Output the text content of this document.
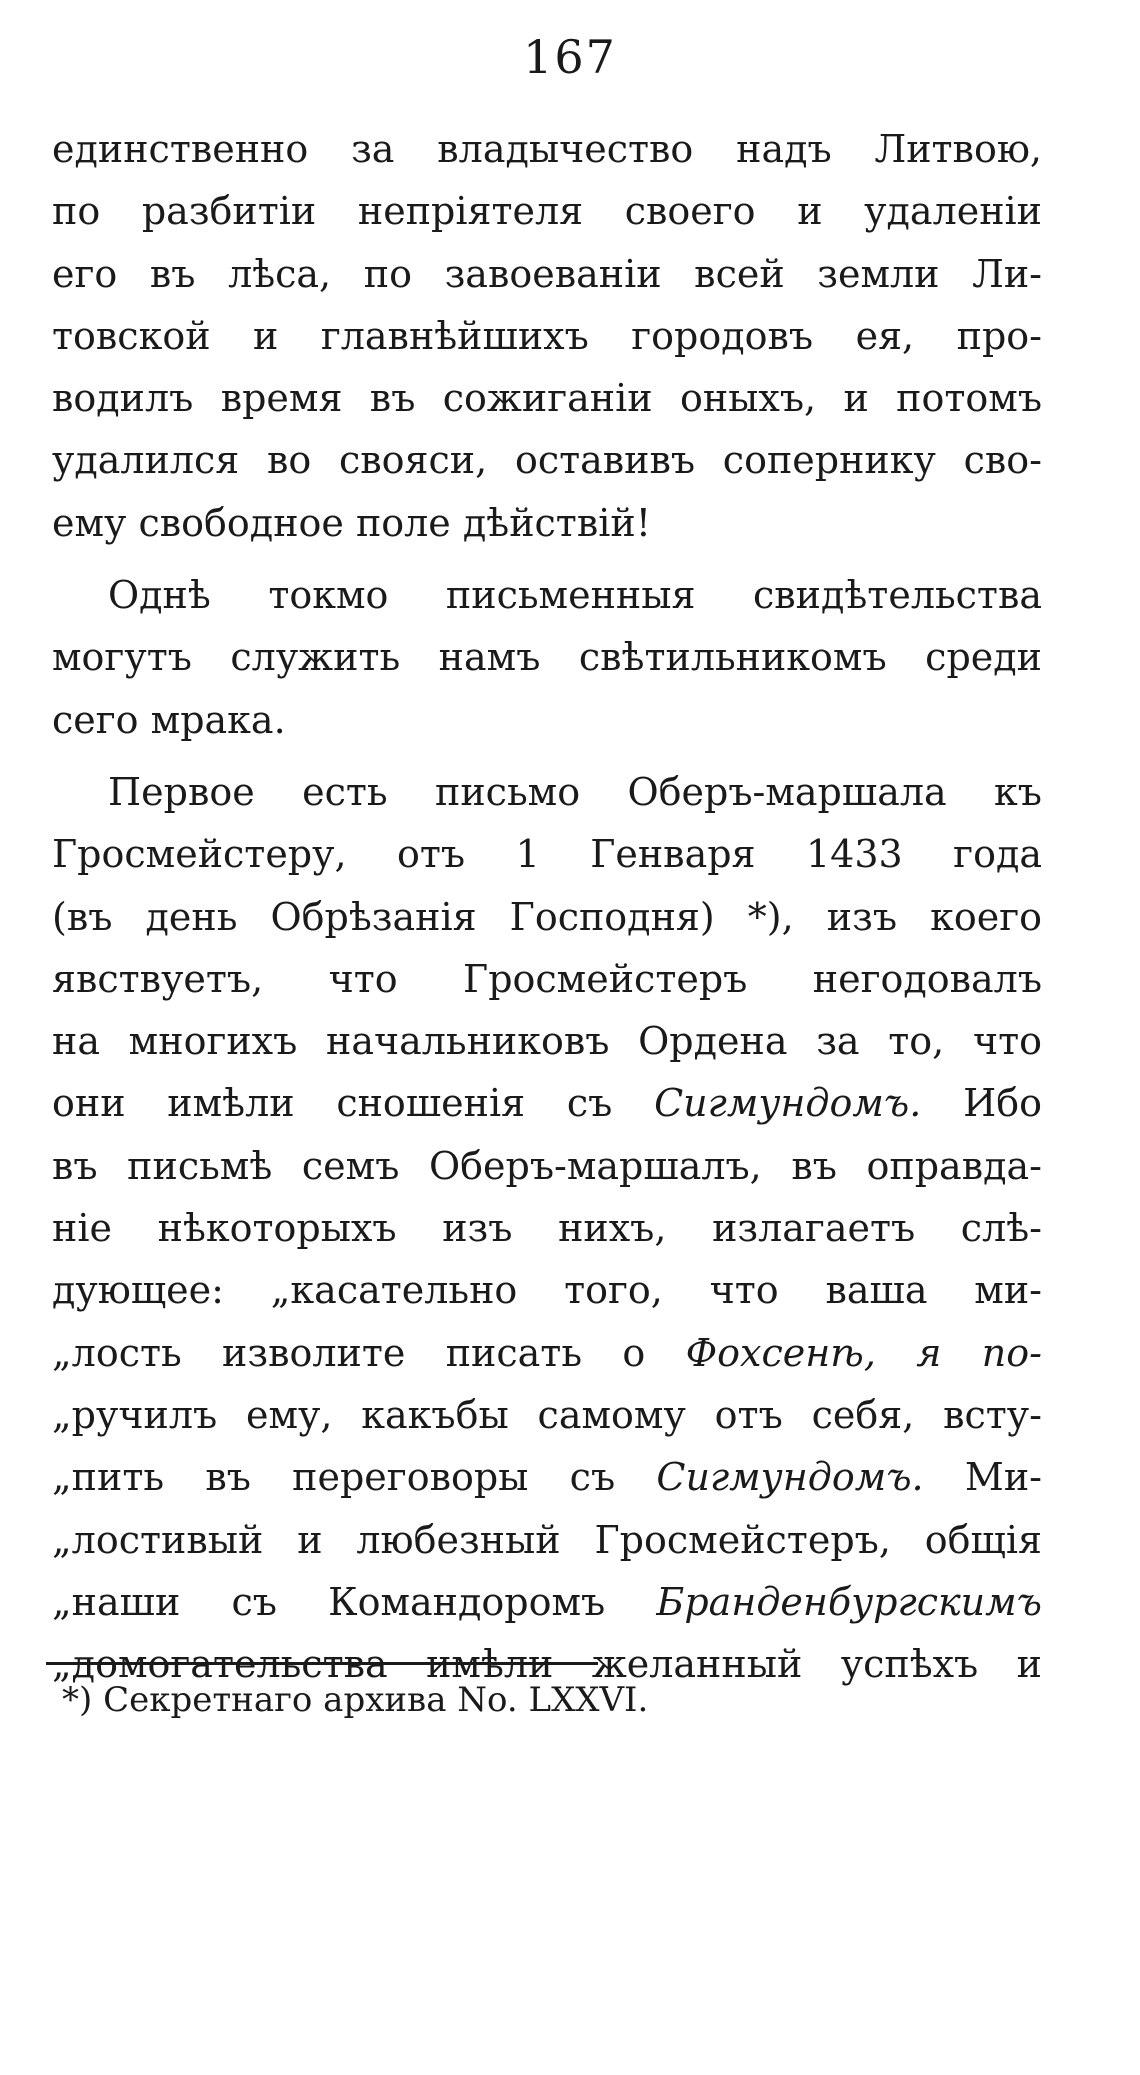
167

единственно за владычество надъ Литвою,
по разбитіи непріятеля своего и удаленіи
его въ лѣса, по завоеваніи всей земли Ли-
товской и главнѣйшихъ городовъ ея, про-
водилъ время въ сожиганіи оныхъ, и потомъ
удалился во свояси, оставивъ сопернику сво-
ему свободное поле дѣйствій!

Однѣ токмо письменныя свидѣтельства
могутъ служить намъ свѣтильникомъ среди
сего мрака.

Первое есть письмо Оберъ-маршала къ
Гросмейстеру, отъ 1 Генваря 1433 года
(въ день Обрѣзанія Господня) *), изъ коего
явствуетъ, что Гросмейстеръ негодовалъ
на многихъ начальниковъ Ордена за то, что
они имѣли сношенія съ Сигмундомъ. Ибо
въ письмѣ семъ Оберъ-маршалъ, въ оправда-
ніе нѣкоторыхъ изъ нихъ, излагаетъ слѣ-
дующее: „касательно того, что ваша ми-
„лость изволите писать о Фохсенѣ, я по-
„ручилъ ему, какъбы самому отъ себя, всту-
„пить въ переговоры съ Сигмундомъ. Ми-
„лостивый и любезный Гросмейстеръ, общія
„наши съ Командоромъ Бранденбургскимъ
„домогательства имѣли желанный успѣхъ и

*) Секретнаго архива No. LXXVI.
